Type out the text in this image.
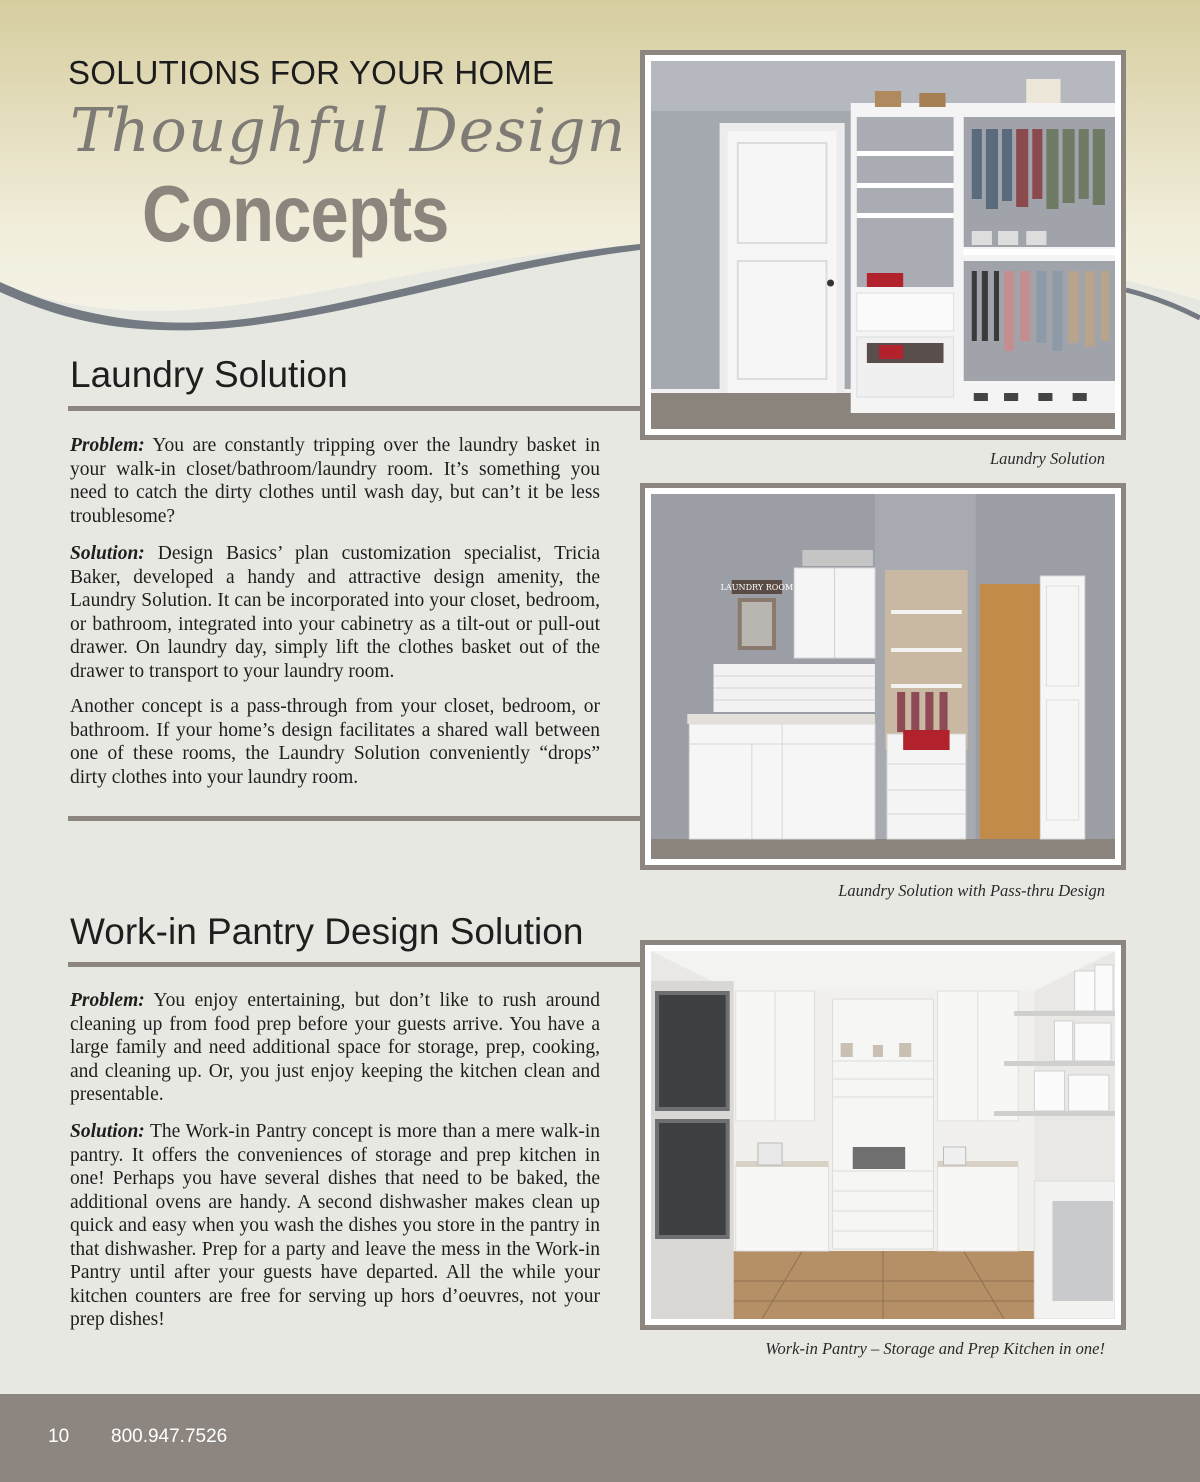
SOLUTIONS FOR YOUR HOME
Thoughful Design
Concepts
Laundry Solution

Problem: You are constantly tripping over the laundry basket in your walk-in closet/bathroom/laundry room. It’s something you need to catch the dirty clothes until wash day, but can’t it be less troublesome?

Solution: Design Basics’ plan customization specialist, Tricia Baker, developed a handy and attractive design amenity, the Laundry Solution. It can be incorporated into your closet, bedroom, or bathroom, integrated into your cabinetry as a tilt-out or pull-out drawer. On laundry day, simply lift the clothes basket out of the drawer to transport to your laundry room.

Another concept is a pass-through from your closet, bedroom, or bathroom. If your home’s design facilitates a shared wall between one of these rooms, the Laundry Solution conveniently “drops” dirty clothes into your laundry room.

Work-in Pantry Design Solution

Problem: You enjoy entertaining, but don’t like to rush around cleaning up from food prep before your guests arrive. You have a large family and need additional space for storage, prep, cooking, and cleaning up. Or, you just enjoy keeping the kitchen clean and presentable.

Solution: The Work-in Pantry concept is more than a mere walk-in pantry. It offers the conveniences of storage and prep kitchen in one! Perhaps you have several dishes that need to be baked, the additional ovens are handy. A second dishwasher makes clean up quick and easy when you wash the dishes you store in the pantry in that dishwasher. Prep for a party and leave the mess in the Work-in Pantry until after your guests have departed. All the while your kitchen counters are free for serving up hors d’oeuvres, not your prep dishes!

Laundry Solution
LAUNDRY ROOM
Laundry Solution with Pass-thru Design
Work-in Pantry – Storage and Prep Kitchen in one!
10 800.947.7526
